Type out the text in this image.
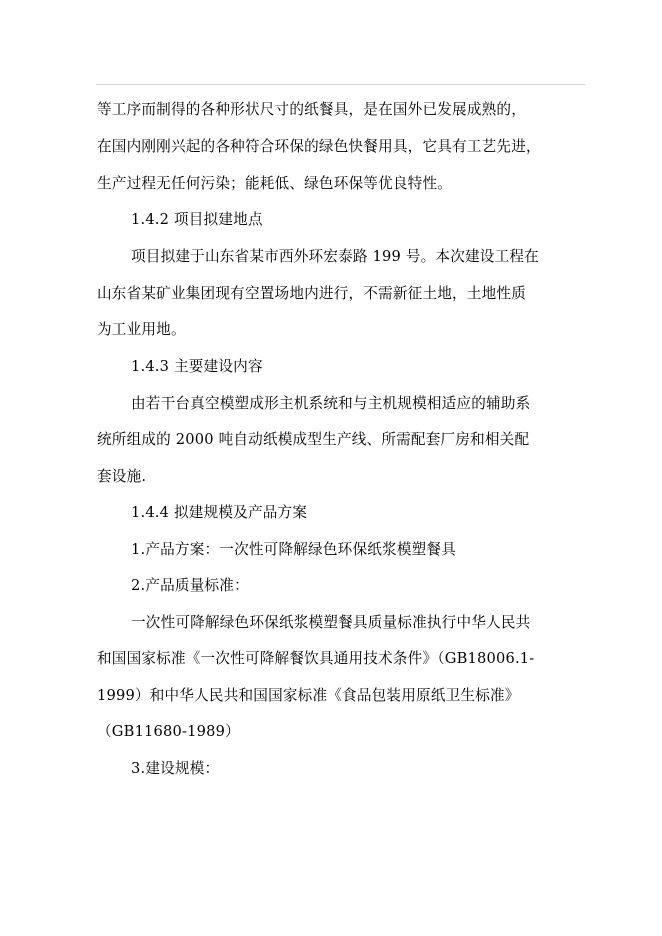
等工序而制得的各种形状尺寸的纸餐具，是在国外已发展成熟的，
在国内刚刚兴起的各种符合环保的绿色快餐用具，它具有工艺先进，
生产过程无任何污染；能耗低、绿色环保等优良特性。
1.4.2 项目拟建地点
项目拟建于山东省某市西外环宏泰路 199 号。本次建设工程在
山东省某矿业集团现有空置场地内进行，不需新征土地，土地性质
为工业用地。
1.4.3 主要建设内容
由若干台真空模塑成形主机系统和与主机规模相适应的辅助系
统所组成的 2000 吨自动纸模成型生产线、所需配套厂房和相关配
套设施.
1.4.4 拟建规模及产品方案
1.产品方案：一次性可降解绿色环保纸浆模塑餐具
2.产品质量标准：
一次性可降解绿色环保纸浆模塑餐具质量标准执行中华人民共
和国国家标准《一次性可降解餐饮具通用技术条件》（GB18006.1-
1999）和中华人民共和国国家标准《食品包装用原纸卫生标准》
（GB11680-1989）
3.建设规模：
